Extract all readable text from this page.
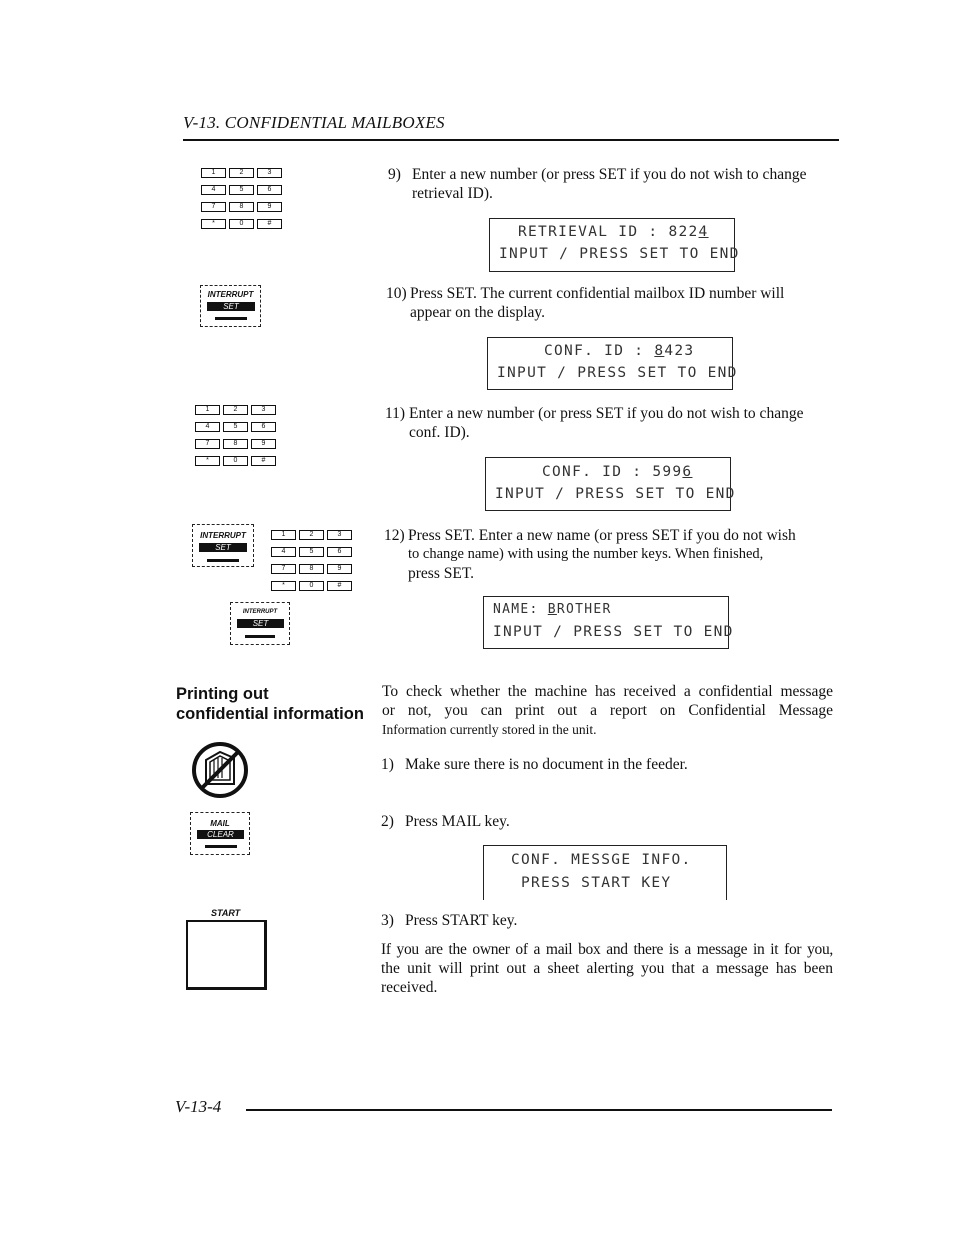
V-13. CONFIDENTIAL MAILBOXES
1	2	3
4	5	6
7	8	9
*	0	#
1	2	3
4	5	6
7	8	9
*	0	#
1	2	3
4	5	6
7	8	9
*	0	#
INTERRUPT
SET
INTERRUPT
SET
INTERRUPT
SET
9) Enter a new number (or press SET if you do not wish to change
retrieval ID).
RETRIEVAL ID : 8224
INPUT / PRESS SET TO END
10) Press SET. The current confidential mailbox ID number will
appear on the display.
CONF. ID : 8423
INPUT / PRESS SET TO END
11) Enter a new number (or press SET if you do not wish to change
conf. ID).
CONF. ID : 5996
INPUT / PRESS SET TO END
12) Press SET. Enter a new name (or press SET if you do not wish
to change name) with using the number keys. When finished,
press SET.
NAME: BROTHER
INPUT / PRESS SET TO END
Printing out
confidential information
To check whether the machine has received a confidential message
or not, you can print out a report on Confidential Message
Information currently stored in the unit.
1) Make sure there is no document in the feeder.
MAIL
CLEAR
2) Press MAIL key.
CONF. MESSGE INFO.
PRESS START KEY
START	3) Press START key.
If you are the owner of a mail box and there is a message in it for you,
the unit will print out a sheet alerting you that a message has been
received.
V-13-4
